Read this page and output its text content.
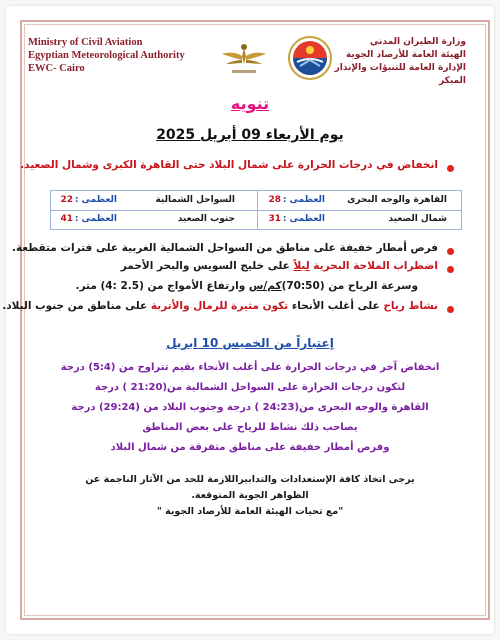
Ministry of Civil Aviation
Egyptian Meteorological Authority
EWC- Cairo
وزارة الطيران المدني
الهيئة العامة للأرصاد الجوية
الإدارة العامة للتنبؤات والإنذار المبكر
تنويه
يوم الأربعاء 09 أبريل 2025
انخفاض في درجات الحرارة على شمال البلاد حتى القاهرة الكبرى وشمال الصعيد.
القاهرة والوجه البحرى
العظمى :
28
السواحل الشمالية
العظمى :
22
شمال الصعيد
العظمى :
31
جنوب الصعيد
العظمى :
41
فرص أمطار خفيفة على مناطق من السواحل الشمالية الغربية على فترات متقطعة.
اضطراب الملاحة البحرية ليلاً على خليج السويس والبحر الأحمر
وسرعة الرياح من (70:50)كم/س وارتفاع الأمواج من (2.5 :4) متر.
نشاط رياح على أغلب الأنحاء تكون مثيرة للرمال والأتربة على مناطق من جنوب البلاد.
إعتباراً من الخميس 10 ابريل
انخفاض آخر في درجات الحرارة على أغلب الأنحاء بقيم تتراوح من (5:4) درجة
لتكون درجات الحرارة على السواحل الشمالية من(21:20 ) درجة
القاهرة والوجه البحرى من(24:23 ) درجة وجنوب البلاد من (29:24) درجة
يصاحب ذلك نشاط للرياح على بعض المناطق
وفرص أمطار خفيفة على مناطق متفرقة من شمال البلاد
يرجى اتخاذ كافة الإستعدادات والتدابيراللازمة للحد من الآثار الناجمة عن
الظواهر الجوية المتوقعة.
"مع تحيات الهيئة العامة للأرصاد الجوية "
